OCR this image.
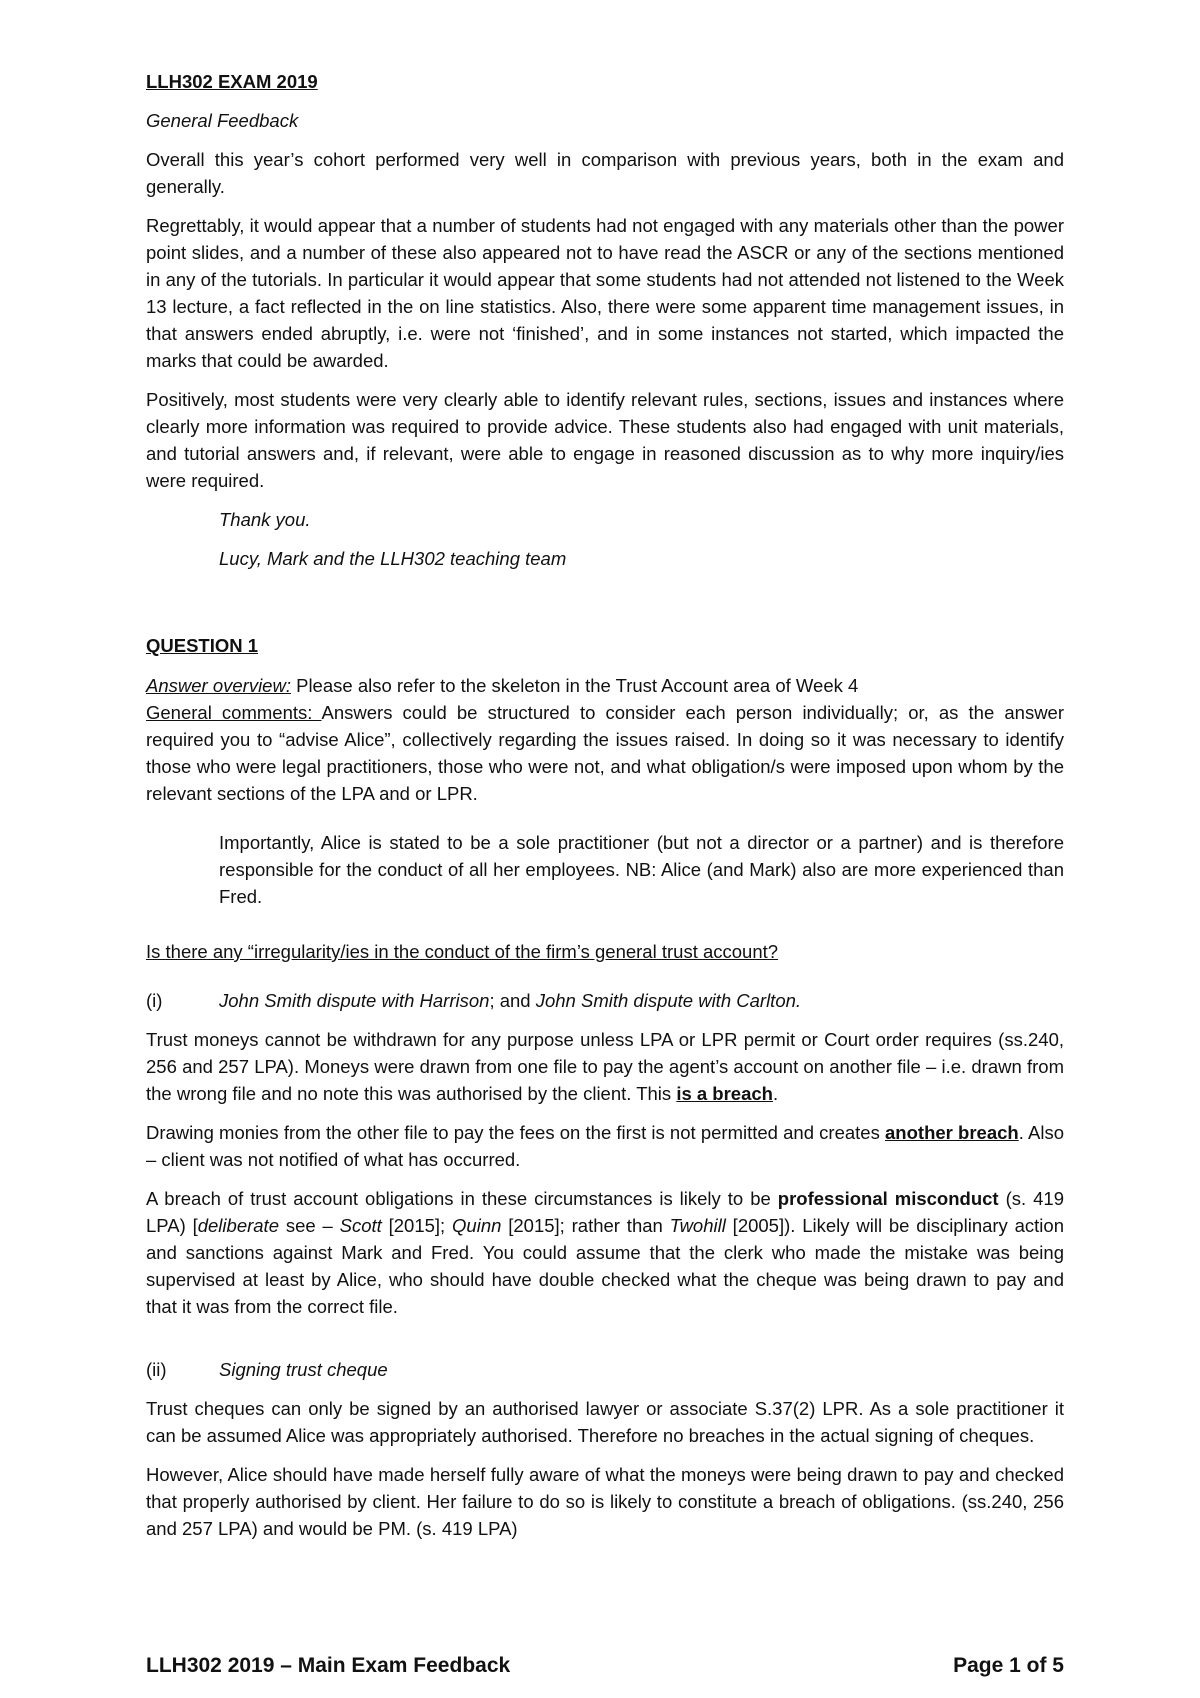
LLH302 EXAM 2019

General Feedback

Overall this year’s cohort performed very well in comparison with previous years, both in the exam and generally.

Regrettably, it would appear that a number of students had not engaged with any materials other than the power point slides, and a number of these also appeared not to have read the ASCR or any of the sections mentioned in any of the tutorials. In particular it would appear that some students had not attended not listened to the Week 13 lecture, a fact reflected in the on line statistics. Also, there were some apparent time management issues, in that answers ended abruptly, i.e. were not ‘finished’, and in some instances not started, which impacted the marks that could be awarded.

Positively, most students were very clearly able to identify relevant rules, sections, issues and instances where clearly more information was required to provide advice. These students also had engaged with unit materials, and tutorial answers and, if relevant, were able to engage in reasoned discussion as to why more inquiry/ies were required.

Thank you.

Lucy, Mark and the LLH302 teaching team

QUESTION 1

Answer overview: Please also refer to the skeleton in the Trust Account area of Week 4

General comments: Answers could be structured to consider each person individually; or, as the answer required you to “advise Alice”, collectively regarding the issues raised. In doing so it was necessary to identify those who were legal practitioners, those who were not, and what obligation/s were imposed upon whom by the relevant sections of the LPA and or LPR.

Importantly, Alice is stated to be a sole practitioner (but not a director or a partner) and is therefore responsible for the conduct of all her employees. NB: Alice (and Mark) also are more experienced than Fred.

Is there any “irregularity/ies in the conduct of the firm’s general trust account?

(i)	John Smith dispute with Harrison; and John Smith dispute with Carlton.

Trust moneys cannot be withdrawn for any purpose unless LPA or LPR permit or Court order requires (ss.240, 256 and 257 LPA). Moneys were drawn from one file to pay the agent’s account on another file – i.e. drawn from the wrong file and no note this was authorised by the client. This is a breach.

Drawing monies from the other file to pay the fees on the first is not permitted and creates another breach. Also – client was not notified of what has occurred.

A breach of trust account obligations in these circumstances is likely to be professional misconduct (s. 419 LPA) [deliberate see – Scott [2015]; Quinn [2015]; rather than Twohill [2005]). Likely will be disciplinary action and sanctions against Mark and Fred. You could assume that the clerk who made the mistake was being supervised at least by Alice, who should have double checked what the cheque was being drawn to pay and that it was from the correct file.

(ii)	Signing trust cheque

Trust cheques can only be signed by an authorised lawyer or associate S.37(2) LPR. As a sole practitioner it can be assumed Alice was appropriately authorised. Therefore no breaches in the actual signing of cheques.

However, Alice should have made herself fully aware of what the moneys were being drawn to pay and checked that properly authorised by client. Her failure to do so is likely to constitute a breach of obligations. (ss.240, 256 and 257 LPA) and would be PM. (s. 419 LPA)

LLH302 2019 – Main Exam Feedback	Page 1 of 5
